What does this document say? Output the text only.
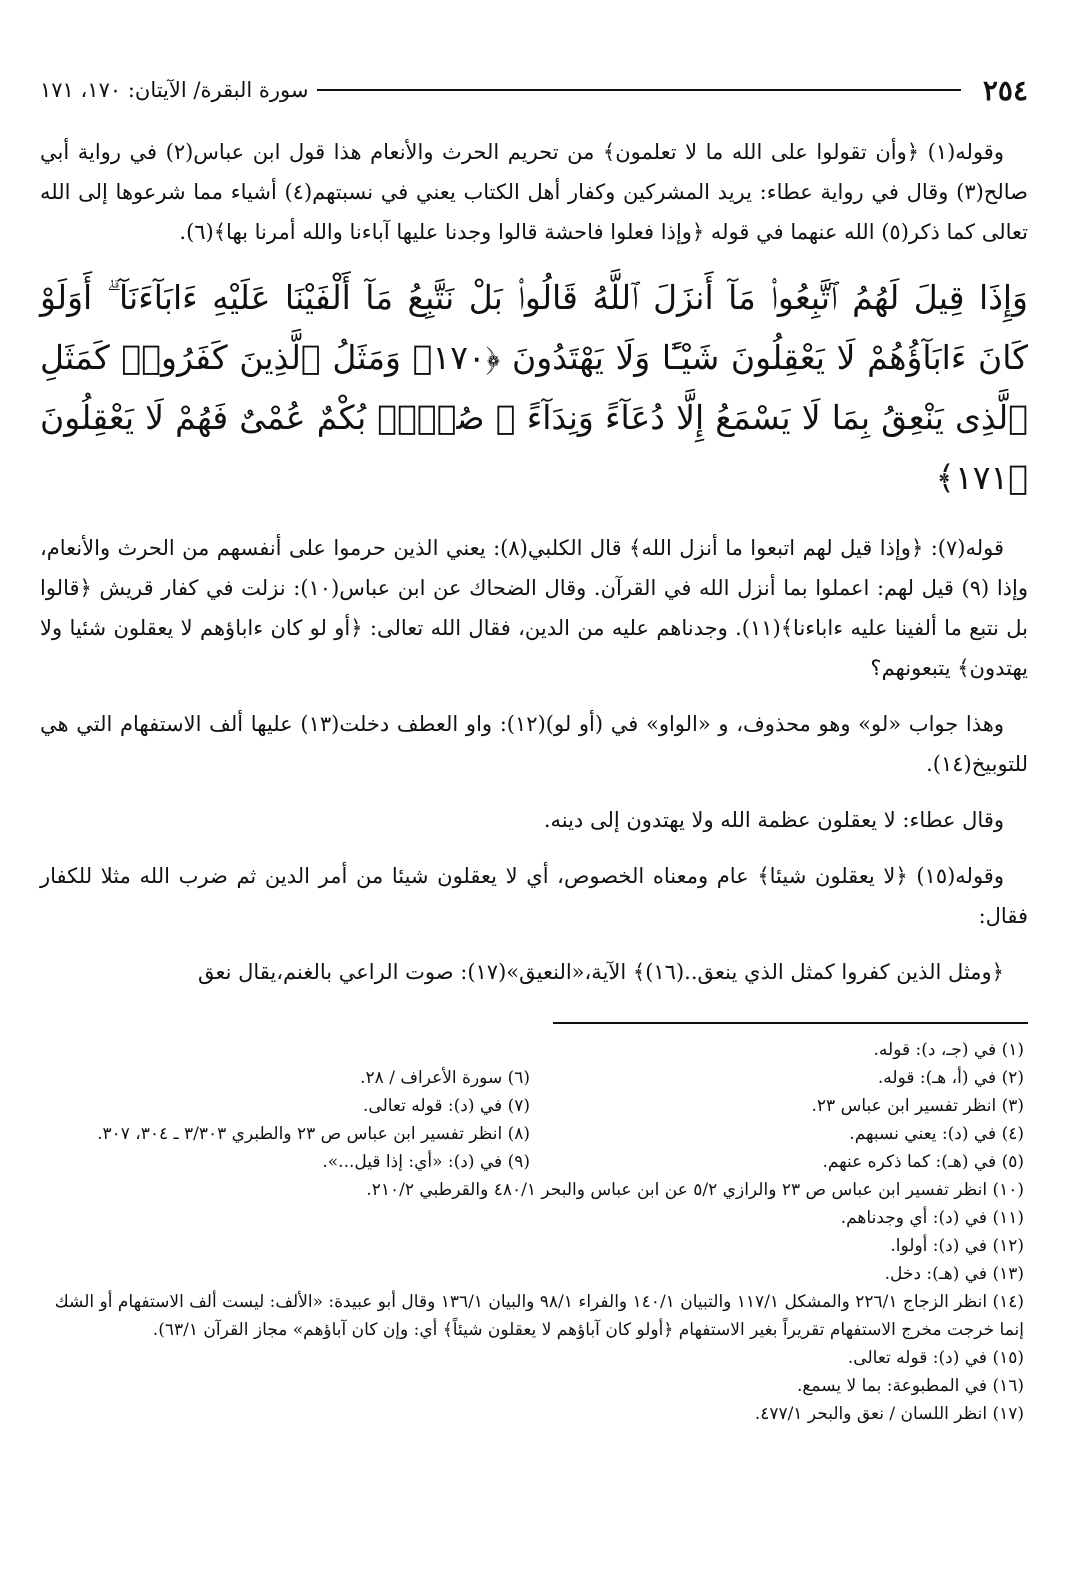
٢٥٤
سورة البقرة/ الآيتان: ١٧٠، ١٧١

وقوله(١) ﴿وأن تقولوا على الله ما لا تعلمون﴾ من تحريم الحرث والأنعام هذا قول ابن عباس(٢) في رواية أبي صالح(٣) وقال في رواية عطاء: يريد المشركين وكفار أهل الكتاب يعني في نسبتهم(٤) أشياء مما شرعوها إلى الله تعالى كما ذكر(٥) الله عنهما في قوله ﴿وإذا فعلوا فاحشة قالوا وجدنا عليها آباءنا والله أمرنا بها﴾(٦).

وَإِذَا قِيلَ لَهُمُ ٱتَّبِعُوا۟ مَآ أَنزَلَ ٱللَّهُ قَالُوا۟ بَلْ نَتَّبِعُ مَآ أَلْفَيْنَا عَلَيْهِ ءَابَآءَنَآ ۗ أَوَلَوْ كَانَ ءَابَآؤُهُمْ لَا يَعْقِلُونَ شَيْـًٔا وَلَا يَهْتَدُونَ ﴿١٧٠﴾ وَمَثَلُ ٱلَّذِينَ كَفَرُوا۟ كَمَثَلِ ٱلَّذِى يَنْعِقُ بِمَا لَا يَسْمَعُ إِلَّا دُعَآءً وَنِدَآءً ۚ صُمٌّۢ بُكْمٌ عُمْىٌ فَهُمْ لَا يَعْقِلُونَ ﴿١٧١﴾

قوله(٧): ﴿وإذا قيل لهم اتبعوا ما أنزل الله﴾ قال الكلبي(٨): يعني الذين حرموا على أنفسهم من الحرث والأنعام، وإذا (٩) قيل لهم: اعملوا بما أنزل الله في القرآن. وقال الضحاك عن ابن عباس(١٠): نزلت في كفار قريش ﴿قالوا بل نتبع ما ألفينا عليه ءاباءنا﴾(١١). وجدناهم عليه من الدين، فقال الله تعالى: ﴿أو لو كان ءاباؤهم لا يعقلون شئيا ولا يهتدون﴾ يتبعونهم؟

وهذا جواب «لو» وهو محذوف، و «الواو» في (أو لو)(١٢): واو العطف دخلت(١٣) عليها ألف الاستفهام التي هي للتوبيخ(١٤).

وقال عطاء: لا يعقلون عظمة الله ولا يهتدون إلى دينه.

وقوله(١٥) ﴿لا يعقلون شيئا﴾ عام ومعناه الخصوص، أي لا يعقلون شيئا من أمر الدين ثم ضرب الله مثلا للكفار فقال:

﴿ومثل الذين كفروا كمثل الذي ينعق..(١٦)﴾ الآية،«النعيق»(١٧): صوت الراعي بالغنم،يقال نعق

(١) في (جـ، د): قوله.

(٢) في (أ، هـ): قوله.

(٣) انظر تفسير ابن عباس ٢٣.

(٤) في (د): يعني نسبهم.

(٥) في (هـ): كما ذكره عنهم.

(٦) سورة الأعراف / ٢٨.

(٧) في (د): قوله تعالى.

(٨) انظر تفسير ابن عباس ص ٢٣ والطبري ٣/٣٠٣ ـ ٣٠٤، ٣٠٧.

(٩) في (د): «أي: إذا قيل...».

(١٠) انظر تفسير ابن عباس ص ٢٣ والرازي ٥/٢ عن ابن عباس والبحر ٤٨٠/١ والقرطبي ٢١٠/٢.

(١١) في (د): أي وجدناهم.

(١٢) في (د): أولوا.

(١٣) في (هـ): دخل.

(١٤) انظر الزجاج ٢٢٦/١ والمشكل ١١٧/١ والتبيان ١٤٠/١ والفراء ٩٨/١ والبيان ١٣٦/١ وقال أبو عبيدة: «الألف: ليست ألف الاستفهام أو الشك إنما خرجت مخرج الاستفهام تقريراً بغير الاستفهام ﴿أولو كان آباؤهم لا يعقلون شيئاً﴾ أي: وإن كان آباؤهم» مجاز القرآن ٦٣/١).

(١٥) في (د): قوله تعالى.

(١٦) في المطبوعة: بما لا يسمع.

(١٧) انظر اللسان / نعق والبحر ٤٧٧/١.
